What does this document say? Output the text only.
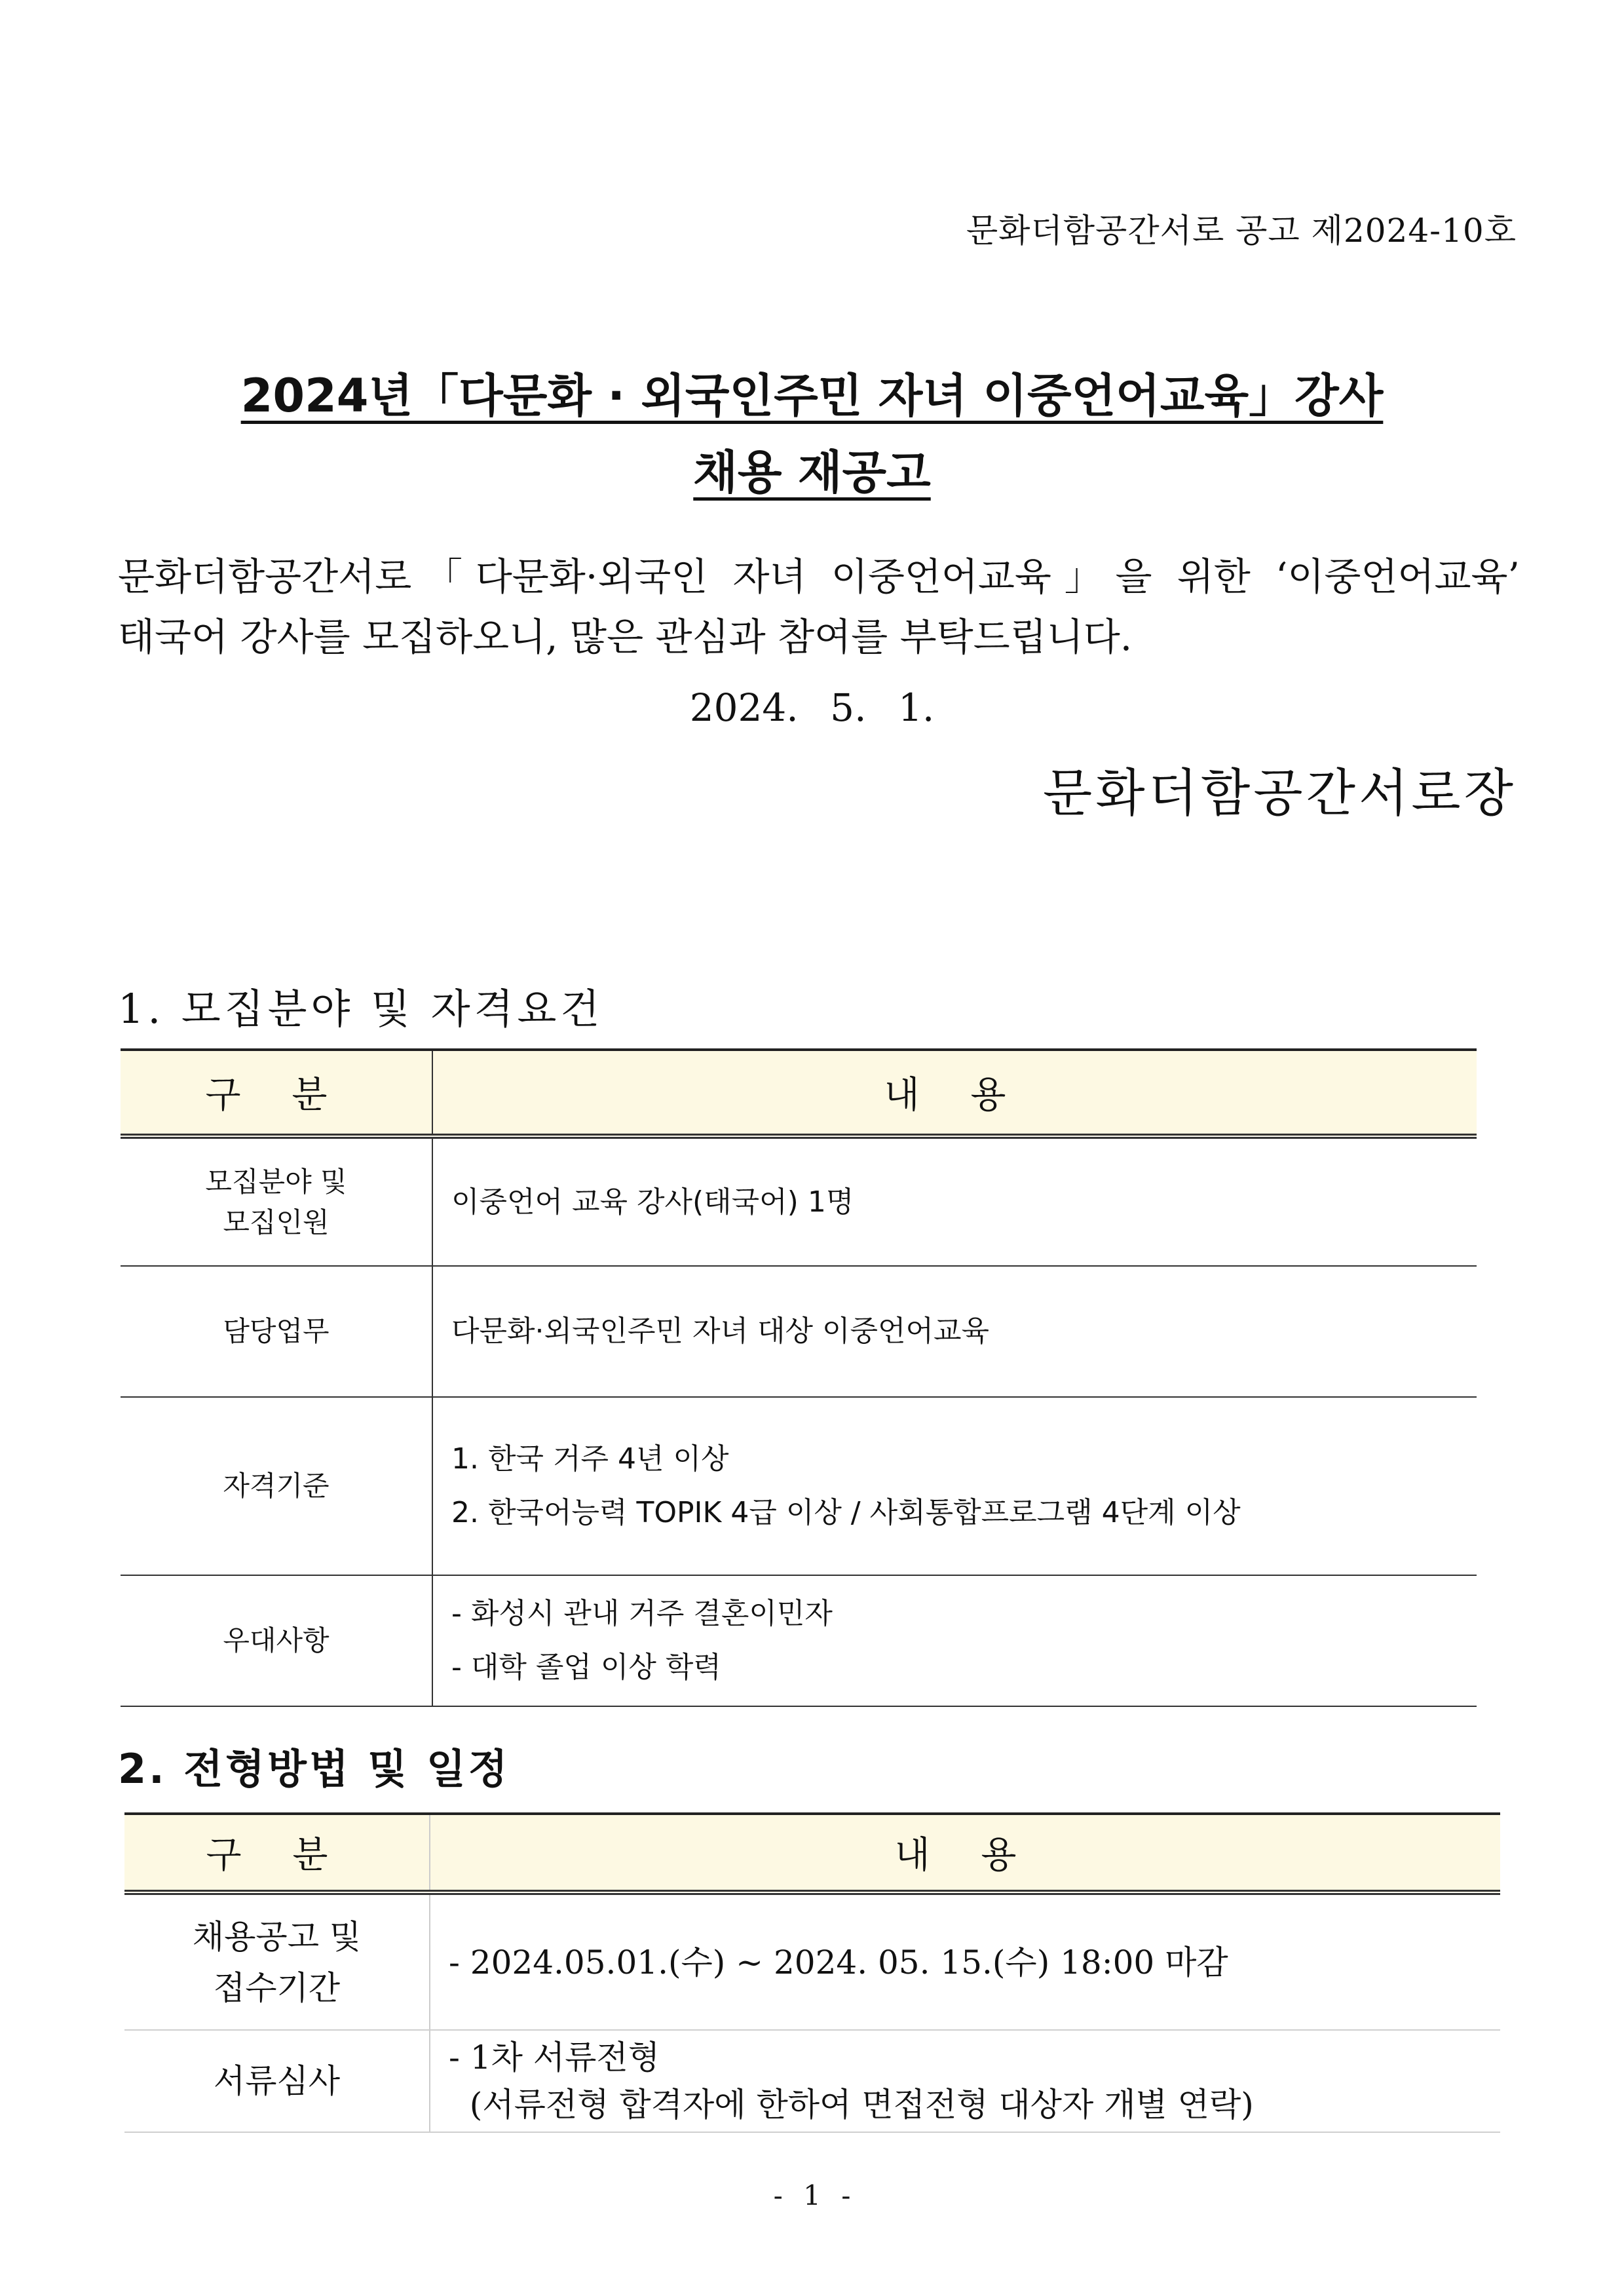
문화더함공간서로 공고 제2024-10호
2024년「다문화 · 외국인주민 자녀 이중언어교육」강사
채용 재공고
문화더함공간서로「다문화·외국인 자녀 이중언어교육」을 위한 ‘이중언어교육’
태국어 강사를 모집하오니, 많은 관심과 참여를 부탁드립니다.
2024. 5. 1.
문화더함공간서로장
1. 모집분야 및 자격요건
구 분	내 용

모집분야 및
모집인원	이중언어 교육 강사(태국어) 1명

담당업무	다문화·외국인주민 자녀 대상 이중언어교육

자격기준	1. 한국 거주 4년 이상
2. 한국어능력 TOPIK 4급 이상 / 사회통합프로그램 4단계 이상

우대사항	- 화성시 관내 거주 결혼이민자
- 대학 졸업 이상 학력
2. 전형방법 및 일정
구 분	내 용

채용공고 및
접수기간	- 2024.05.01.(수) ~ 2024. 05. 15.(수) 18:00 마감

서류심사	- 1차 서류전형
(서류전형 합격자에 한하여 면접전형 대상자 개별 연락)
- 1 -
